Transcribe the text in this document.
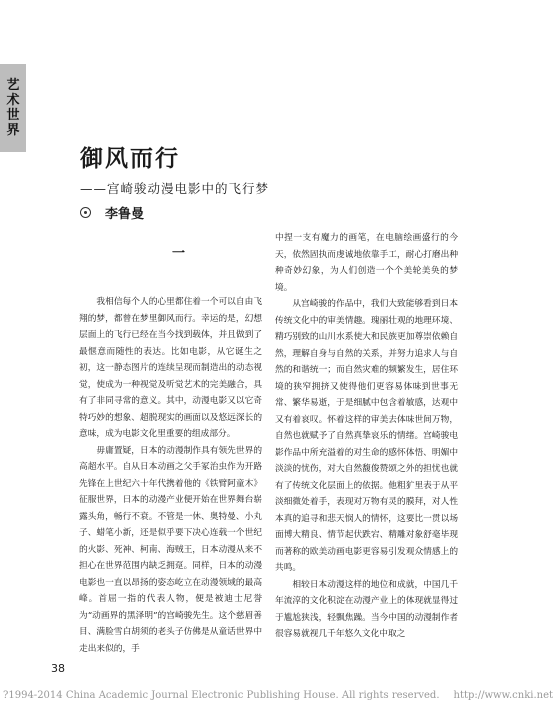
艺术世界
御风而行

——宫崎骏动漫电影中的飞行梦

李鲁曼
一

我相信每个人的心里都住着一个可以自由飞翔的梦，都曾在梦里御风而行。幸运的是，幻想层面上的飞行已经在当今找到载体，并且做到了最惬意而随性的表达。比如电影，从它诞生之初，这一静态图片的连续呈现而制造出的动态视觉，使成为一种视觉及听觉艺术的完美融合，具有了非同寻常的意义。其中，动漫电影又以它奇特巧妙的想象、超脱现实的画面以及悠远深长的意味，成为电影文化里重要的组成部分。

毋庸置疑，日本的动漫制作具有领先世界的高超水平。自从日本动画之父手冢治虫作为开路先锋在上世纪六十年代携着他的《铁臂阿童木》征服世界，日本的动漫产业便开始在世界舞台崭露头角，畅行不衰。不管是一休、奥特曼、小丸子、蜡笔小新，还是似乎要下决心连载一个世纪的火影、死神、柯南、海贼王，日本动漫从来不担心在世界范围内缺乏拥趸。同样，日本的动漫电影也一直以昂扬的姿态屹立在动漫领域的最高峰。首屈一指的代表人物，便是被迪士尼誉为“动画界的黑泽明”的宫崎骏先生。这个慈眉善目、满脸雪白胡须的老头子仿佛是从童话世界中走出来似的，手

中捏一支有魔力的画笔，在电脑绘画盛行的今天，依然固执而虔诚地依靠手工，耐心打磨出种种奇妙幻象，为人们创造一个个美轮美奂的梦境。

从宫崎骏的作品中，我们大致能够看到日本传统文化中的审美情趣。瑰丽壮观的地理环境、精巧别致的山川水系使大和民族更加尊崇依赖自然，理解自身与自然的关系，并努力追求人与自然的和谐统一；而自然灾难的频繁发生，居住环境的狭窄拥挤又使得他们更容易体味到世事无常、繁华易逝，于是细腻中包含着敏感，达观中又有着哀叹。怀着这样的审美去体味世间万物，自然也就赋予了自然真挚哀乐的情绪。宫崎骏电影作品中所充溢着的对生命的感怀体悟、明媚中淡淡的忧伤，对大自然馥俊赞颂之外的担忧也就有了传统文化层面上的依据。他粗犷里表于从平淡细微处着手，表现对万物有灵的膜拜，对人性本真的追寻和悲天悯人的情怀，这要比一贯以场面博大精良、情节起伏跌宕、精雕对象舒毫毕现而著称的欧美动画电影更容易引发观众情感上的共鸣。

相较日本动漫这样的地位和成就，中国几千年流淳的文化积淀在动漫产业上的体现就显得过于尴尬狭浅，轻飘焦躁。当今中国的动漫制作者很容易就视几千年悠久文化中取之

38
?1994-2014 China Academic Journal Electronic Publishing House. All rights reserved. http://www.cnki.net
